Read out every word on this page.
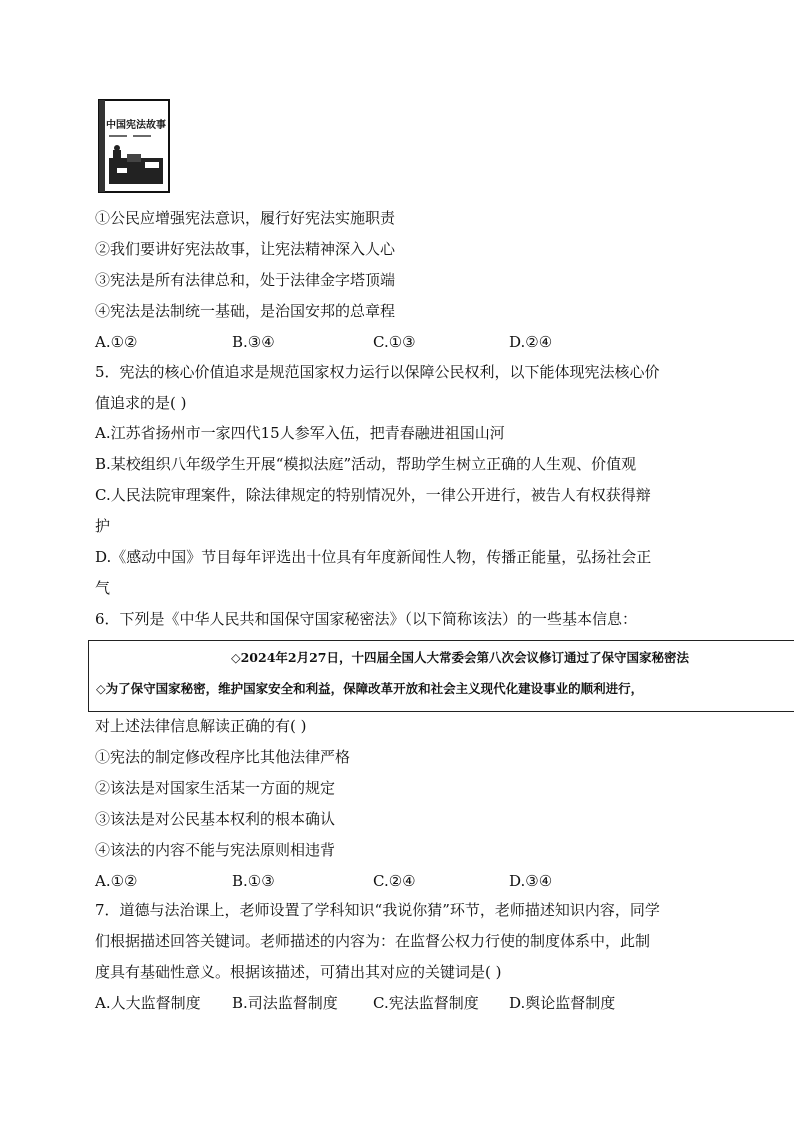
中国宪法故事
①公民应增强宪法意识，履行好宪法实施职责
②我们要讲好宪法故事，让宪法精神深入人心
③宪法是所有法律总和，处于法律金字塔顶端
④宪法是法制统一基础，是治国安邦的总章程
A.①②	B.③④	C.①③	D.②④
5．宪法的核心价值追求是规范国家权力运行以保障公民权利，以下能体现宪法核心价
值追求的是( )
A.江苏省扬州市一家四代15人参军入伍，把青春融进祖国山河
B.某校组织八年级学生开展“模拟法庭”活动，帮助学生树立正确的人生观、价值观
C.人民法院审理案件，除法律规定的特别情况外，一律公开进行，被告人有权获得辩
护
D.《感动中国》节目每年评选出十位具有年度新闻性人物，传播正能量，弘扬社会正
气
6．下列是《中华人民共和国保守国家秘密法》（以下简称该法）的一些基本信息：
◇2024年2月27日，十四届全国人大常委会第八次会议修订通过了保守国家秘密法
◇为了保守国家秘密，维护国家安全和利益，保障改革开放和社会主义现代化建设事业的顺利进行，
对上述法律信息解读正确的有( )
①宪法的制定修改程序比其他法律严格
②该法是对国家生活某一方面的规定
③该法是对公民基本权利的根本确认
④该法的内容不能与宪法原则相违背
A.①②	B.①③	C.②④	D.③④
7．道德与法治课上，老师设置了学科知识“我说你猜”环节，老师描述知识内容，同学
们根据描述回答关键词。老师描述的内容为：在监督公权力行使的制度体系中，此制
度具有基础性意义。根据该描述，可猜出其对应的关键词是( )
A.人大监督制度 B.司法监督制度 C.宪法监督制度 D.舆论监督制度
